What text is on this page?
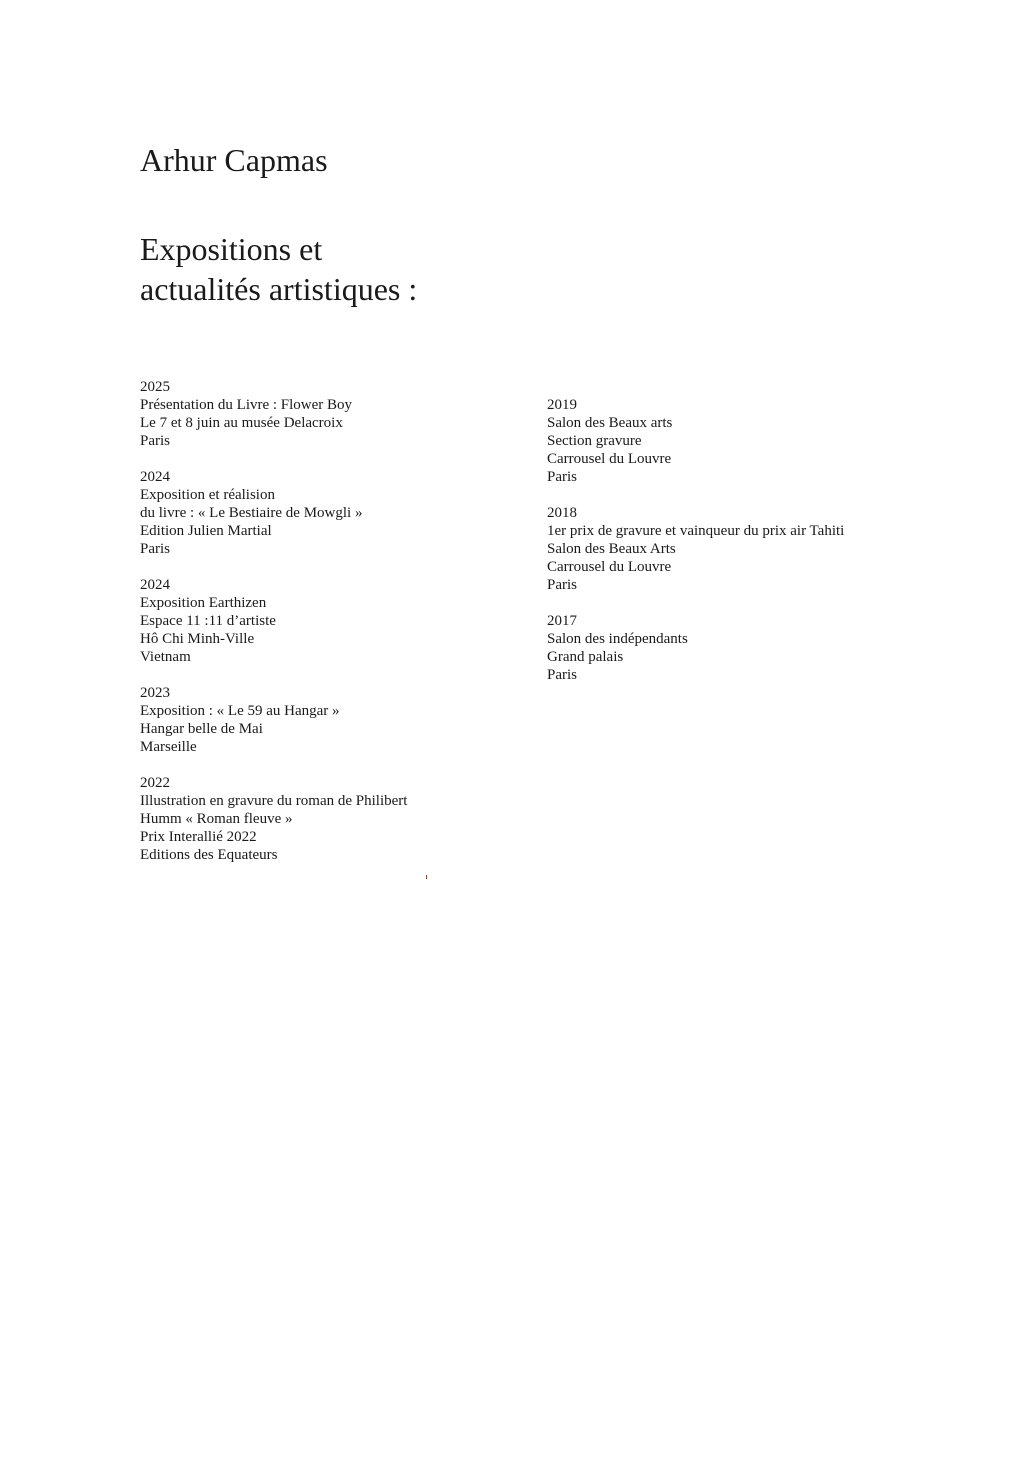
Arhur Capmas
Expositions et
actualités artistiques :
2025
Présentation du Livre : Flower Boy
Le 7 et 8 juin au musée Delacroix
Paris
2024
Exposition et réalision
du livre : « Le Bestiaire de Mowgli »
Edition Julien Martial
Paris
2024
Exposition Earthizen
Espace 11 :11 d’artiste
Hô Chi Minh-Ville
Vietnam
2023
Exposition : « Le 59 au Hangar »
Hangar belle de Mai
Marseille
2022
Illustration en gravure du roman de Philibert
Humm « Roman fleuve »
Prix Interallié 2022
Editions des Equateurs
2019
Salon des Beaux arts
Section gravure
Carrousel du Louvre
Paris
2018
1er prix de gravure et vainqueur du prix air Tahiti
Salon des Beaux Arts
Carrousel du Louvre
Paris
2017
Salon des indépendants
Grand palais
Paris
